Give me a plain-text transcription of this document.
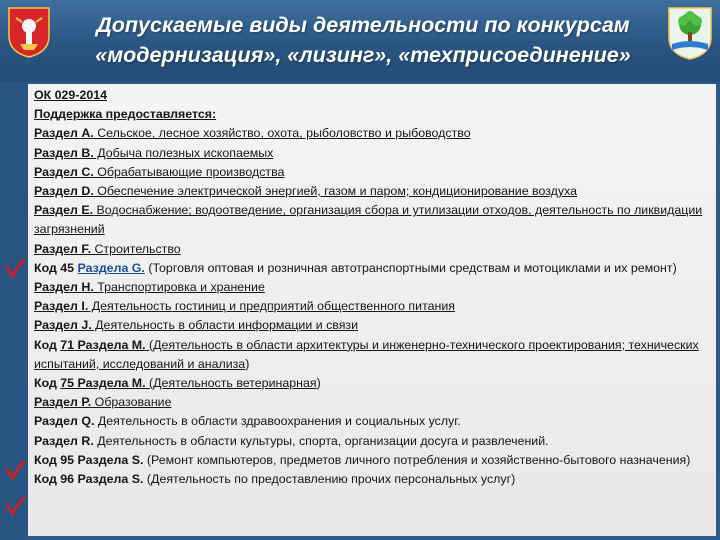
Допускаемые виды деятельности по конкурсам
«модернизация», «лизинг», «техприсоединение»
ОК 029-2014
Поддержка предоставляется:
Раздел А. Сельское, лесное хозяйство, охота, рыболовство и рыбоводство
Раздел В. Добыча полезных ископаемых
Раздел С. Обрабатывающие производства
Раздел D. Обеспечение электрической энергией, газом и паром; кондиционирование воздуха
Раздел Е. Водоснабжение; водоотведение, организация сбора и утилизации отходов, деятельность по ликвидации загрязнений
Раздел F. Строительство
Код 45 Раздела G. (Торговля оптовая и розничная автотранспортными средствам и мотоциклами и их ремонт)
Раздел Н. Транспортировка и хранение
Раздел I. Деятельность гостиниц и предприятий общественного питания
Раздел J. Деятельность в области информации и связи
Код 71 Раздела М. (Деятельность в области архитектуры и инженерно-технического проектирования; технических испытаний, исследований и анализа)
Код 75 Раздела М. (Деятельность ветеринарная)
Раздел Р. Образование
Раздел Q. Деятельность в области здравоохранения и социальных услуг.
Раздел R. Деятельность в области культуры, спорта, организации досуга и развлечений.
Код 95 Раздела S. (Ремонт компьютеров, предметов личного потребления и хозяйственно-бытового назначения)
Код 96 Раздела S. (Деятельность по предоставлению прочих персональных услуг)
